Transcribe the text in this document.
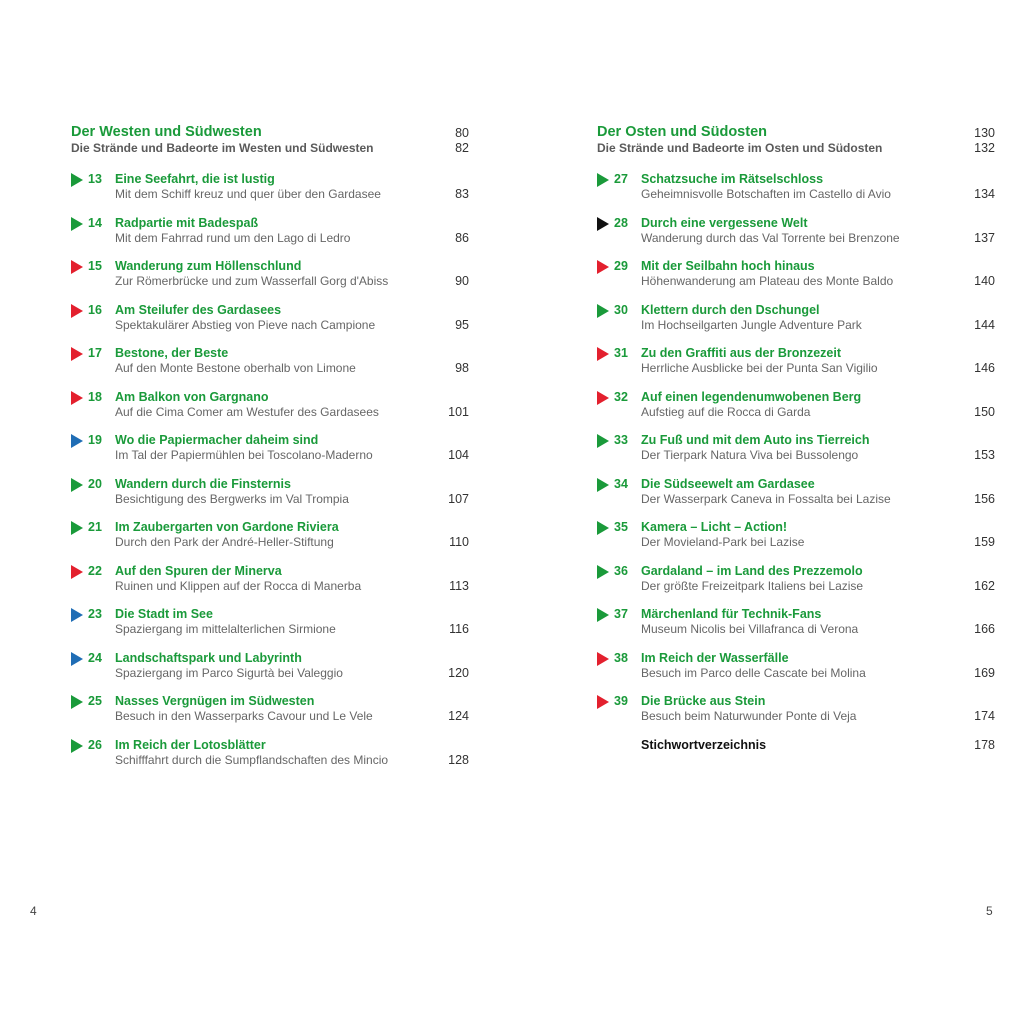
Der Westen und Südwesten	80
Die Strände und Badeorte im Westen und Südwesten	82
13	Eine Seefahrt, die ist lustig
Mit dem Schiff kreuz und quer über den Gardasee	83
14	Radpartie mit Badespaß
Mit dem Fahrrad rund um den Lago di Ledro	86
15	Wanderung zum Höllenschlund
Zur Römerbrücke und zum Wasserfall Gorg d'Abiss	90
16	Am Steilufer des Gardasees
Spektakulärer Abstieg von Pieve nach Campione	95
17	Bestone, der Beste
Auf den Monte Bestone oberhalb von Limone	98
18	Am Balkon von Gargnano
Auf die Cima Comer am Westufer des Gardasees	101
19	Wo die Papiermacher daheim sind
Im Tal der Papiermühlen bei Toscolano-Maderno	104
20	Wandern durch die Finsternis
Besichtigung des Bergwerks im Val Trompia	107
21	Im Zaubergarten von Gardone Riviera
Durch den Park der André-Heller-Stiftung	110
22	Auf den Spuren der Minerva
Ruinen und Klippen auf der Rocca di Manerba	113
23	Die Stadt im See
Spaziergang im mittelalterlichen Sirmione	116
24	Landschaftspark und Labyrinth
Spaziergang im Parco Sigurtà bei Valeggio	120
25	Nasses Vergnügen im Südwesten
Besuch in den Wasserparks Cavour und Le Vele	124
26	Im Reich der Lotosblätter
Schifffahrt durch die Sumpflandschaften des Mincio	128
Der Osten und Südosten	130
Die Strände und Badeorte im Osten und Südosten	132
27	Schatzsuche im Rätselschloss
Geheimnisvolle Botschaften im Castello di Avio	134
28	Durch eine vergessene Welt
Wanderung durch das Val Torrente bei Brenzone	137
29	Mit der Seilbahn hoch hinaus
Höhenwanderung am Plateau des Monte Baldo	140
30	Klettern durch den Dschungel
Im Hochseilgarten Jungle Adventure Park	144
31	Zu den Graffiti aus der Bronzezeit
Herrliche Ausblicke bei der Punta San Vigilio	146
32	Auf einen legendenumwobenen Berg
Aufstieg auf die Rocca di Garda	150
33	Zu Fuß und mit dem Auto ins Tierreich
Der Tierpark Natura Viva bei Bussolengo	153
34	Die Südseewelt am Gardasee
Der Wasserpark Caneva in Fossalta bei Lazise	156
35	Kamera – Licht – Action!
Der Movieland-Park bei Lazise	159
36	Gardaland – im Land des Prezzemolo
Der größte Freizeitpark Italiens bei Lazise	162
37	Märchenland für Technik-Fans
Museum Nicolis bei Villafranca di Verona	166
38	Im Reich der Wasserfälle
Besuch im Parco delle Cascate bei Molina	169
39	Die Brücke aus Stein
Besuch beim Naturwunder Ponte di Veja	174
Stichwortverzeichnis	178
4	5
